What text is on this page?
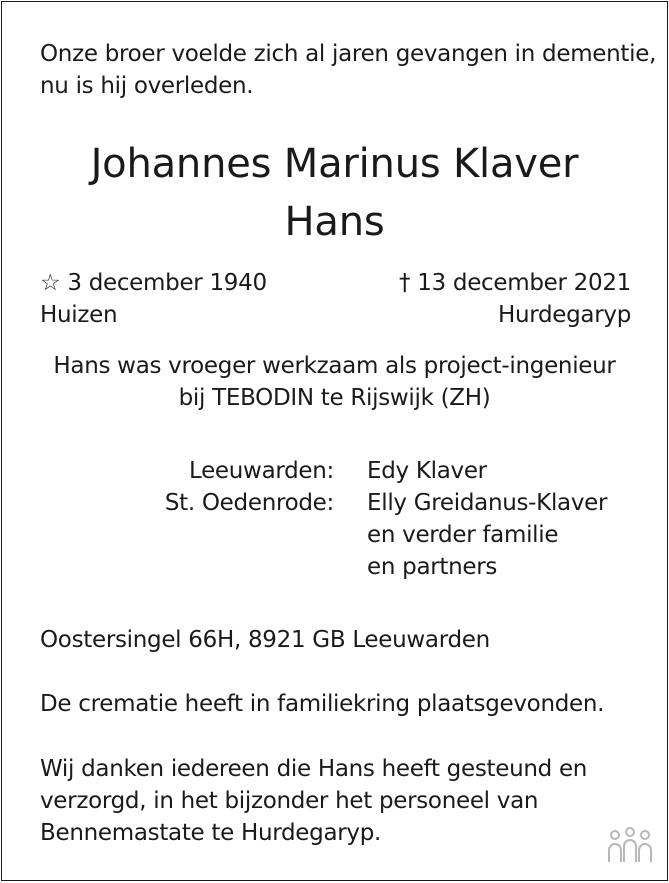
Onze broer voelde zich al jaren gevangen in dementie,
nu is hij overleden.
Johannes Marinus Klaver
Hans
☆ 3 december 1940
Huizen
† 13 december 2021
Hurdegaryp
Hans was vroeger werkzaam als project-ingenieur
bij TEBODIN te Rijswijk (ZH)
Leeuwarden: Edy Klaver
St. Oedenrode: Elly Greidanus-Klaver
en verder familie
en partners
Oostersingel 66H, 8921 GB Leeuwarden
De crematie heeft in familiekring plaatsgevonden.
Wij danken iedereen die Hans heeft gesteund en
verzorgd, in het bijzonder het personeel van
Bennemastate te Hurdegaryp.
